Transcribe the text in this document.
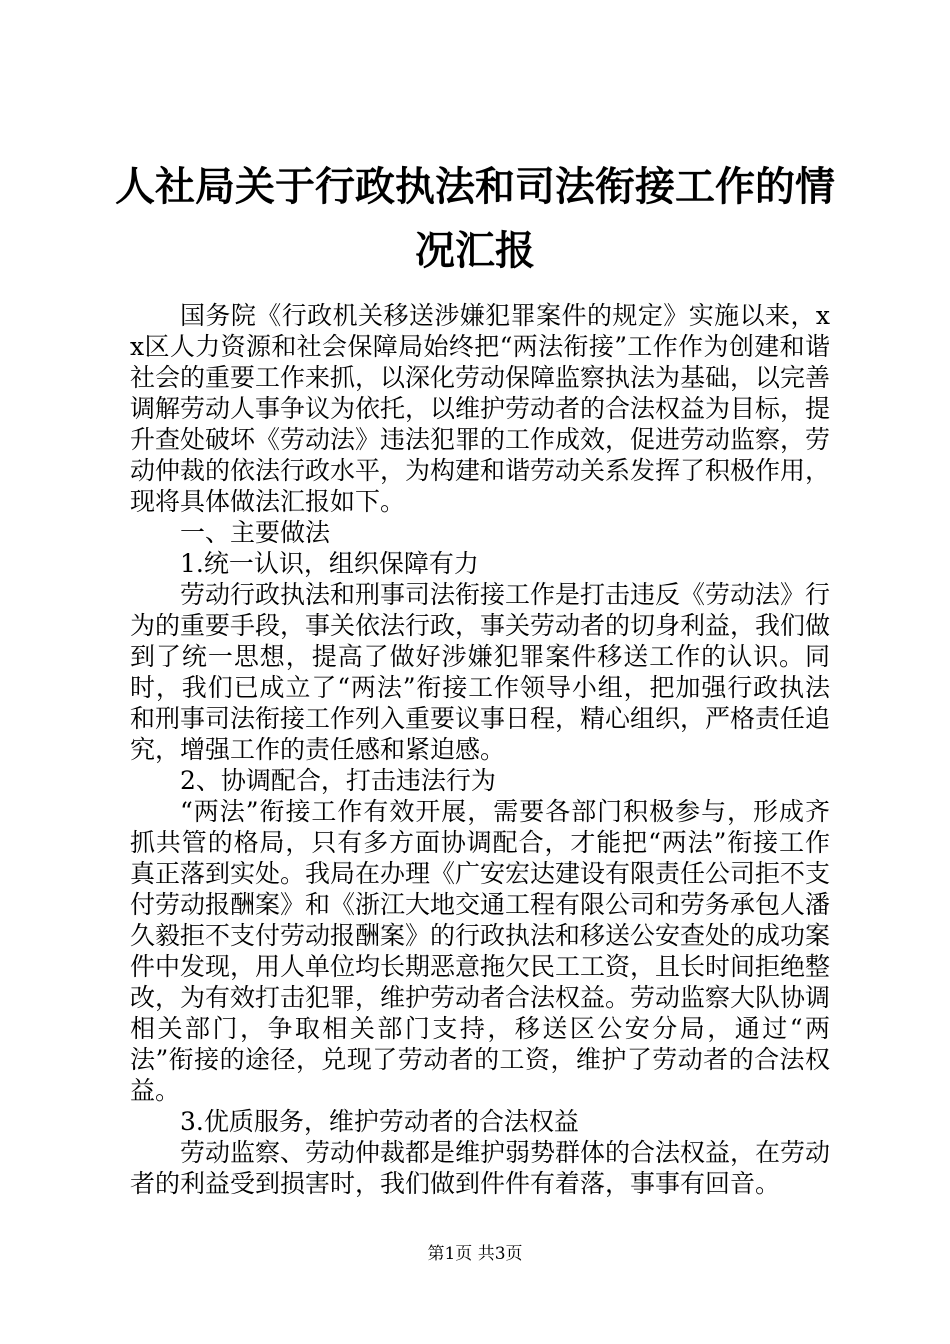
人社局关于行政执法和司法衔接工作的情况汇报

国务院《行政机关移送涉嫌犯罪案件的规定》实施以来，xx区人力资源和社会保障局始终把“两法衔接”工作作为创建和谐社会的重要工作来抓，以深化劳动保障监察执法为基础，以完善调解劳动人事争议为依托，以维护劳动者的合法权益为目标，提升查处破坏《劳动法》违法犯罪的工作成效，促进劳动监察，劳动仲裁的依法行政水平，为构建和谐劳动关系发挥了积极作用，现将具体做法汇报如下。

一、主要做法

1.统一认识，组织保障有力

劳动行政执法和刑事司法衔接工作是打击违反《劳动法》行为的重要手段，事关依法行政，事关劳动者的切身利益，我们做到了统一思想，提高了做好涉嫌犯罪案件移送工作的认识。同时，我们已成立了“两法”衔接工作领导小组，把加强行政执法和刑事司法衔接工作列入重要议事日程，精心组织，严格责任追究，增强工作的责任感和紧迫感。

2、协调配合，打击违法行为

“两法”衔接工作有效开展，需要各部门积极参与，形成齐抓共管的格局，只有多方面协调配合，才能把“两法”衔接工作真正落到实处。我局在办理《广安宏达建设有限责任公司拒不支付劳动报酬案》和《浙江大地交通工程有限公司和劳务承包人潘久毅拒不支付劳动报酬案》的行政执法和移送公安查处的成功案件中发现，用人单位均长期恶意拖欠民工工资，且长时间拒绝整改，为有效打击犯罪，维护劳动者合法权益。劳动监察大队协调相关部门，争取相关部门支持，移送区公安分局，通过“两法”衔接的途径，兑现了劳动者的工资，维护了劳动者的合法权益。

3.优质服务，维护劳动者的合法权益

劳动监察、劳动仲裁都是维护弱势群体的合法权益，在劳动者的利益受到损害时，我们做到件件有着落，事事有回音。

第1页 共3页
